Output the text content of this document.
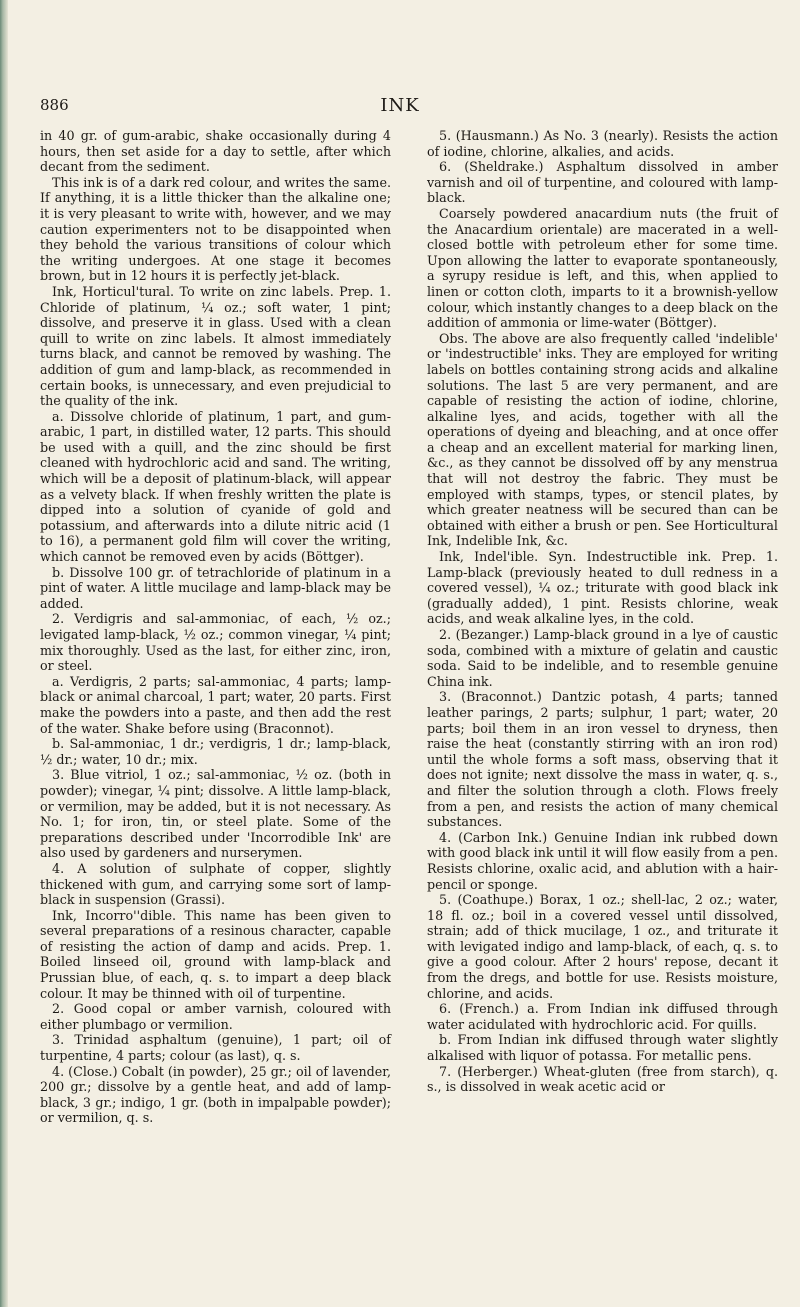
886	INK

in 40 gr. of gum-arabic, shake occasionally during 4 hours, then set aside for a day to settle, after which decant from the sediment.

This ink is of a dark red colour, and writes the same. If anything, it is a little thicker than the alkaline one; it is very pleasant to write with, however, and we may caution experimenters not to be disappointed when they behold the various transitions of colour which the writing undergoes. At one stage it becomes brown, but in 12 hours it is perfectly jet-black.

Ink, Horticul'tural. To write on zinc labels. Prep. 1. Chloride of platinum, ¼ oz.; soft water, 1 pint; dissolve, and preserve it in glass. Used with a clean quill to write on zinc labels. It almost immediately turns black, and cannot be removed by washing. The addition of gum and lamp-black, as recommended in certain books, is unnecessary, and even prejudicial to the quality of the ink.

a. Dissolve chloride of platinum, 1 part, and gum-arabic, 1 part, in distilled water, 12 parts. This should be used with a quill, and the zinc should be first cleaned with hydrochloric acid and sand. The writing, which will be a deposit of platinum-black, will appear as a velvety black. If when freshly written the plate is dipped into a solution of cyanide of gold and potassium, and afterwards into a dilute nitric acid (1 to 16), a permanent gold film will cover the writing, which cannot be removed even by acids (Böttger).

b. Dissolve 100 gr. of tetrachloride of platinum in a pint of water. A little mucilage and lamp-black may be added.

2. Verdigris and sal-ammoniac, of each, ½ oz.; levigated lamp-black, ½ oz.; common vinegar, ¼ pint; mix thoroughly. Used as the last, for either zinc, iron, or steel.

a. Verdigris, 2 parts; sal-ammoniac, 4 parts; lamp-black or animal charcoal, 1 part; water, 20 parts. First make the powders into a paste, and then add the rest of the water. Shake before using (Braconnot).

b. Sal-ammoniac, 1 dr.; verdigris, 1 dr.; lamp-black, ½ dr.; water, 10 dr.; mix.

3. Blue vitriol, 1 oz.; sal-ammoniac, ½ oz. (both in powder); vinegar, ¼ pint; dissolve. A little lamp-black, or vermilion, may be added, but it is not necessary. As No. 1; for iron, tin, or steel plate. Some of the preparations described under 'Incorrodible Ink' are also used by gardeners and nurserymen.

4. A solution of sulphate of copper, slightly thickened with gum, and carrying some sort of lamp-black in suspension (Grassi).

Ink, Incorro''dible. This name has been given to several preparations of a resinous character, capable of resisting the action of damp and acids. Prep. 1. Boiled linseed oil, ground with lamp-black and Prussian blue, of each, q. s. to impart a deep black colour. It may be thinned with oil of turpentine.

2. Good copal or amber varnish, coloured with either plumbago or vermilion.

3. Trinidad asphaltum (genuine), 1 part; oil of turpentine, 4 parts; colour (as last), q. s.

4. (Close.) Cobalt (in powder), 25 gr.; oil of lavender, 200 gr.; dissolve by a gentle heat, and add of lamp-black, 3 gr.; indigo, 1 gr. (both in impalpable powder); or vermilion, q. s.

5. (Hausmann.) As No. 3 (nearly). Resists the action of iodine, chlorine, alkalies, and acids.

6. (Sheldrake.) Asphaltum dissolved in amber varnish and oil of turpentine, and coloured with lamp-black.

Coarsely powdered anacardium nuts (the fruit of the Anacardium orientale) are macerated in a well-closed bottle with petroleum ether for some time. Upon allowing the latter to evaporate spontaneously, a syrupy residue is left, and this, when applied to linen or cotton cloth, imparts to it a brownish-yellow colour, which instantly changes to a deep black on the addition of ammonia or lime-water (Böttger).

Obs. The above are also frequently called 'indelible' or 'indestructible' inks. They are employed for writing labels on bottles containing strong acids and alkaline solutions. The last 5 are very permanent, and are capable of resisting the action of iodine, chlorine, alkaline lyes, and acids, together with all the operations of dyeing and bleaching, and at once offer a cheap and an excellent material for marking linen, &c., as they cannot be dissolved off by any menstrua that will not destroy the fabric. They must be employed with stamps, types, or stencil plates, by which greater neatness will be secured than can be obtained with either a brush or pen. See Horticultural Ink, Indelible Ink, &c.

Ink, Indel'ible. Syn. Indestructible ink. Prep. 1. Lamp-black (previously heated to dull redness in a covered vessel), ¼ oz.; triturate with good black ink (gradually added), 1 pint. Resists chlorine, weak acids, and weak alkaline lyes, in the cold.

2. (Bezanger.) Lamp-black ground in a lye of caustic soda, combined with a mixture of gelatin and caustic soda. Said to be indelible, and to resemble genuine China ink.

3. (Braconnot.) Dantzic potash, 4 parts; tanned leather parings, 2 parts; sulphur, 1 part; water, 20 parts; boil them in an iron vessel to dryness, then raise the heat (constantly stirring with an iron rod) until the whole forms a soft mass, observing that it does not ignite; next dissolve the mass in water, q. s., and filter the solution through a cloth. Flows freely from a pen, and resists the action of many chemical substances.

4. (Carbon Ink.) Genuine Indian ink rubbed down with good black ink until it will flow easily from a pen. Resists chlorine, oxalic acid, and ablution with a hair-pencil or sponge.

5. (Coathupe.) Borax, 1 oz.; shell-lac, 2 oz.; water, 18 fl. oz.; boil in a covered vessel until dissolved, strain; add of thick mucilage, 1 oz., and triturate it with levigated indigo and lamp-black, of each, q. s. to give a good colour. After 2 hours' repose, decant it from the dregs, and bottle for use. Resists moisture, chlorine, and acids.

6. (French.) a. From Indian ink diffused through water acidulated with hydrochloric acid. For quills.

b. From Indian ink diffused through water slightly alkalised with liquor of potassa. For metallic pens.

7. (Herberger.) Wheat-gluten (free from starch), q. s., is dissolved in weak acetic acid or
